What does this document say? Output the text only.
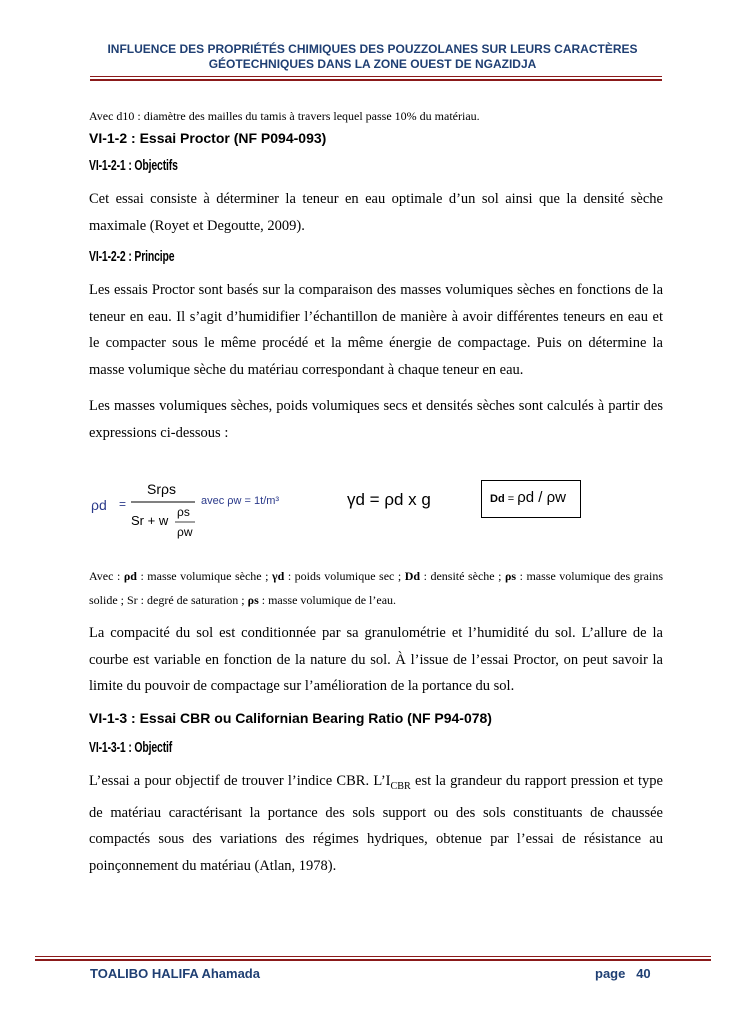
INFLUENCE DES PROPRIÉTÉS CHIMIQUES DES POUZZOLANES SUR LEURS CARACTÈRES
GÉOTECHNIQUES DANS LA ZONE OUEST DE NGAZIDJA

Avec d10 : diamètre des mailles du tamis à travers lequel passe 10% du matériau.

VI-1-2 : Essai Proctor (NF P094-093)
VI-1-2-1 : Objectifs

Cet essai consiste à déterminer la teneur en eau optimale d’un sol ainsi que la densité sèche maximale (Royet et Degoutte, 2009).

VI-1-2-2 : Principe

Les essais Proctor sont basés sur la comparaison des masses volumiques sèches en fonctions de la teneur en eau. Il s’agit d’humidifier l’échantillon de manière à avoir différentes teneurs en eau et le compacter sous le même procédé et la même énergie de compactage. Puis on détermine la masse volumique sèche du matériau correspondant à chaque teneur en eau.

Les masses volumiques sèches, poids volumiques secs et densités sèches sont calculés à partir des expressions ci-dessous :

ρd =
Srρs
Sr + w
ρs
ρw
avec ρw = 1t/m³	γd = ρd x g	Dd = ρd / ρw

Avec : ρd : masse volumique sèche ; γd : poids volumique sec ; Dd : densité sèche ; ρs : masse volumique des grains solide ; Sr : degré de saturation ; ρs : masse volumique de l’eau.

La compacité du sol est conditionnée par sa granulométrie et l’humidité du sol. L’allure de la courbe est variable en fonction de la nature du sol. À l’issue de l’essai Proctor, on peut savoir la limite du pouvoir de compactage sur l’amélioration de la portance du sol.

VI-1-3 : Essai CBR ou Californian Bearing Ratio (NF P94-078)
VI-1-3-1 : Objectif

L’essai a pour objectif de trouver l’indice CBR. $L’I_{CBR}$ est la grandeur du rapport pression et type de matériau caractérisant la portance des sols support ou des sols constituants de chaussée compactés sous des variations des régimes hydriques, obtenue par l’essai de résistance au poinçonnement du matériau (Atlan, 1978).

TOALIBO HALIFA Ahamada	page 40
